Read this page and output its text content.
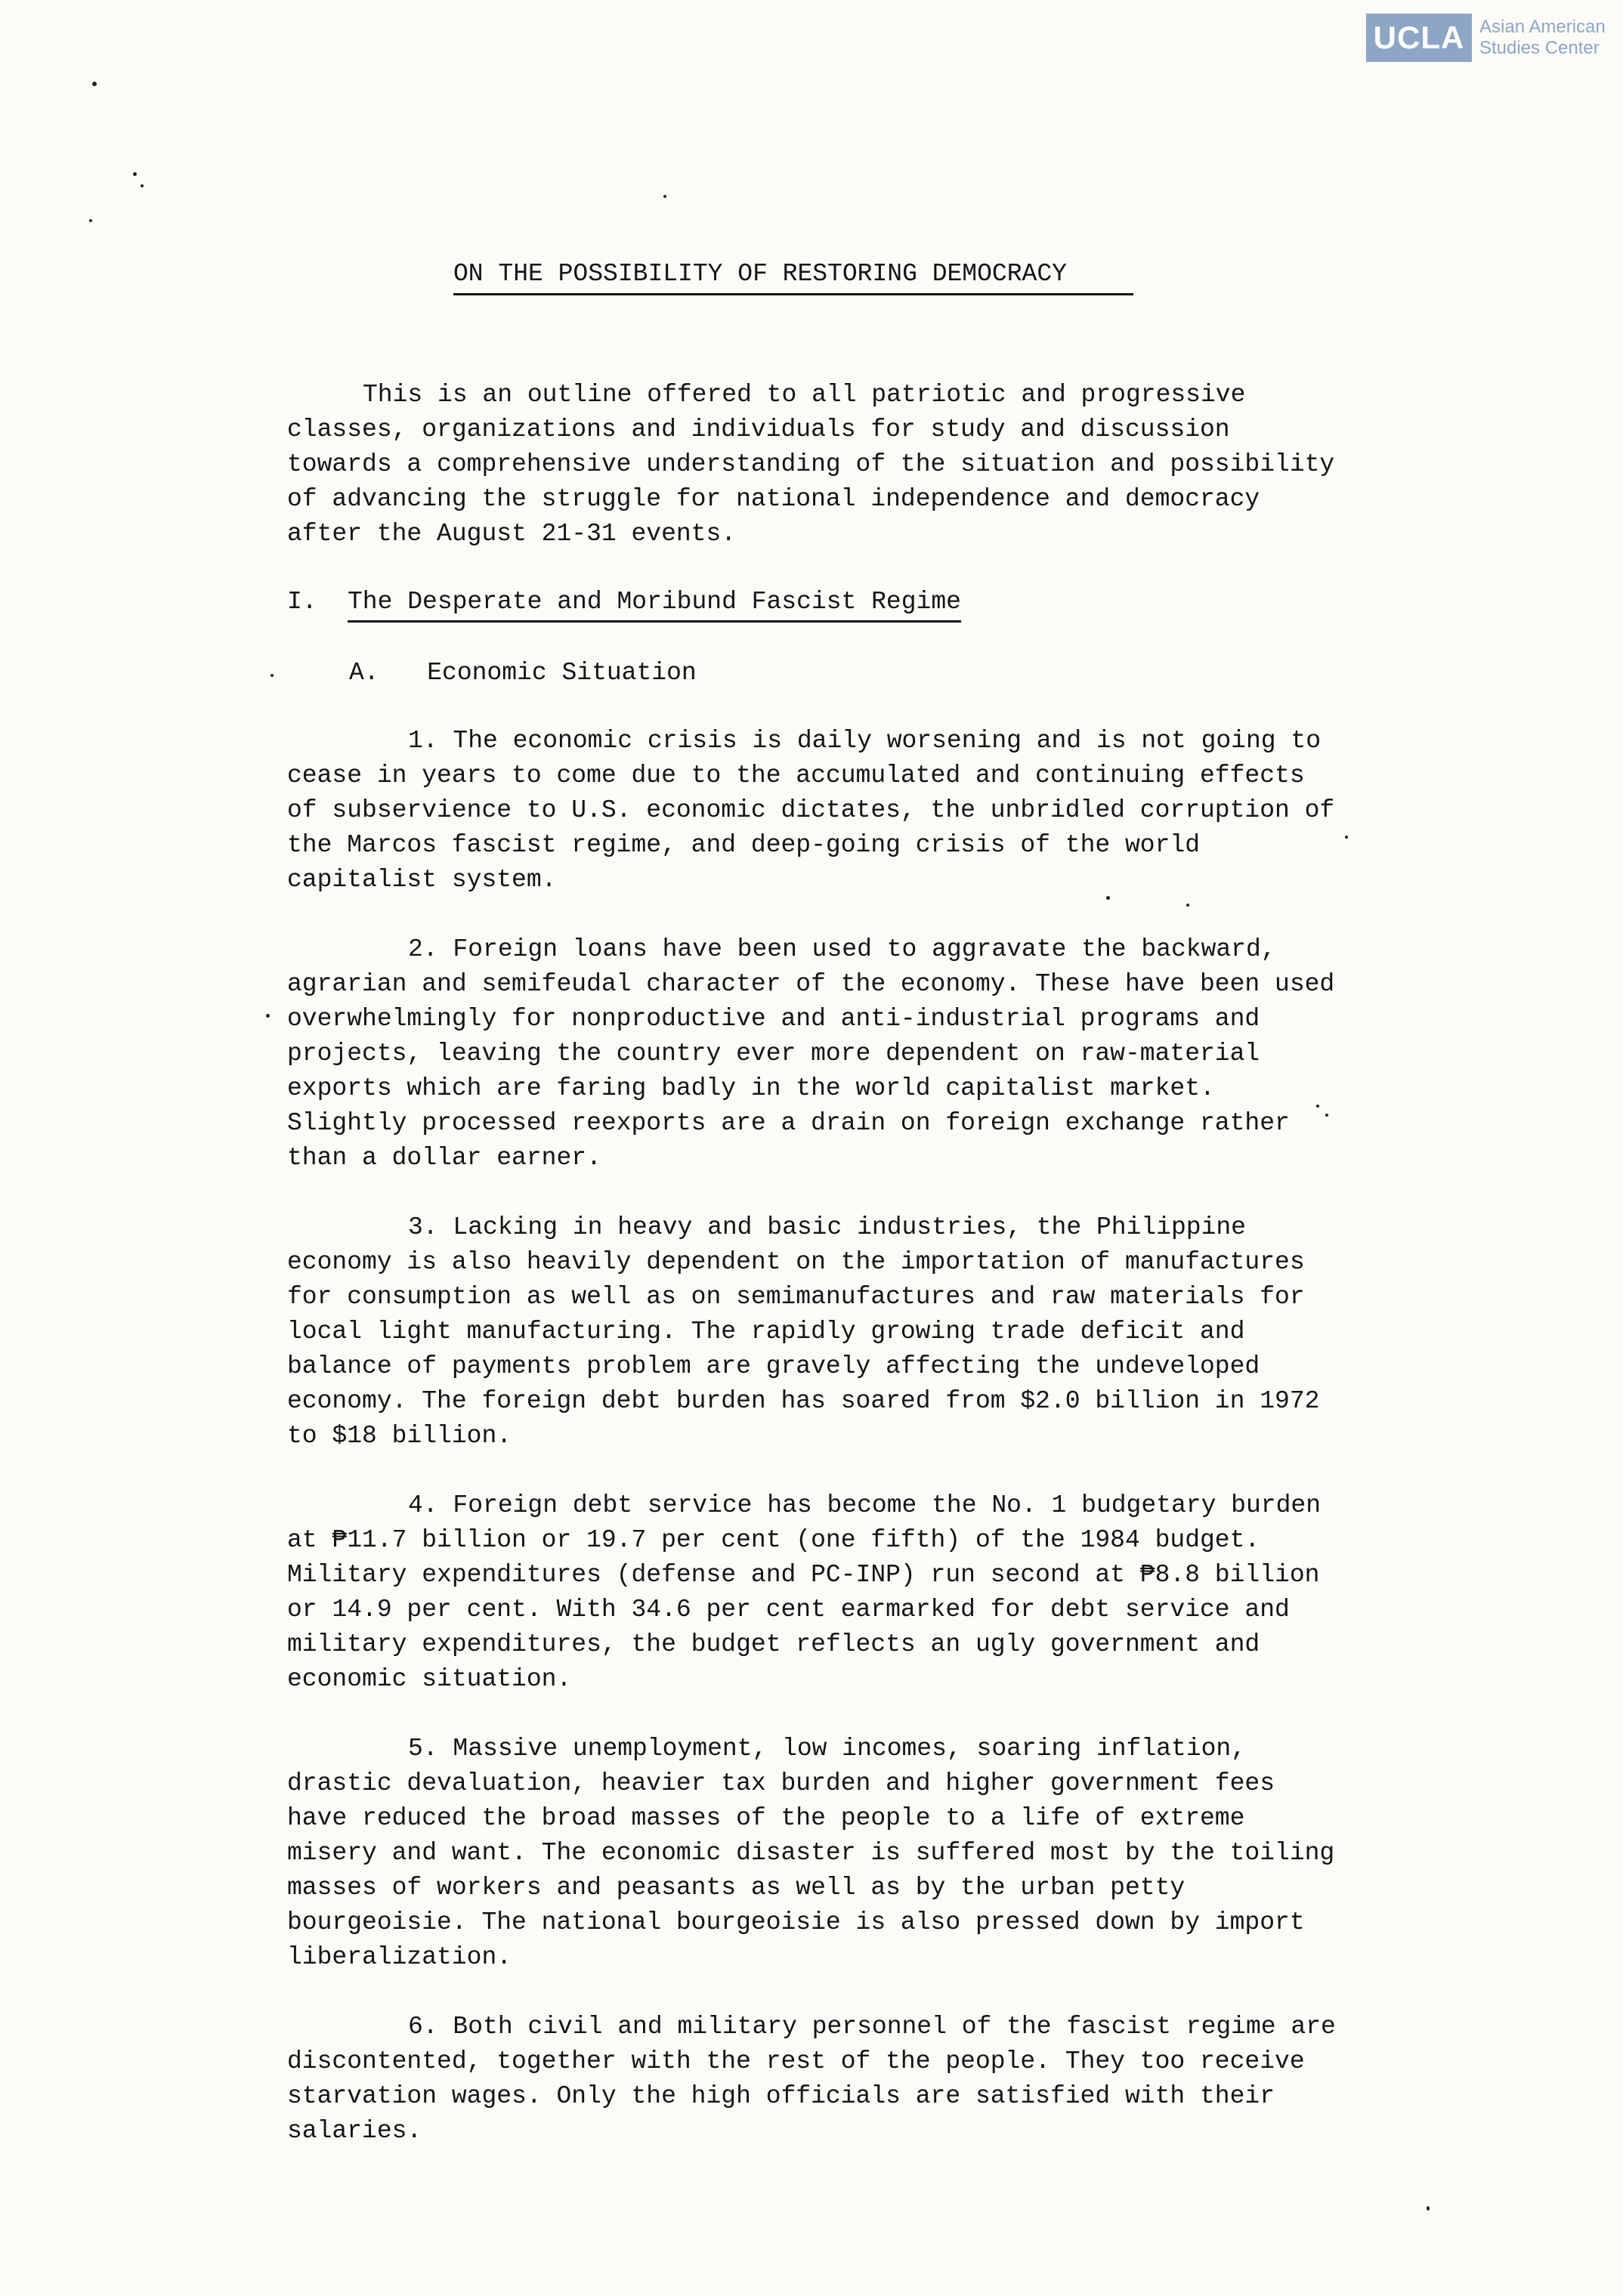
UCLA Asian American
Studies Center
ON THE POSSIBILITY OF RESTORING DEMOCRACY

This is an outline offered to all patriotic and progressive classes, organizations and individuals for study and discussion towards a comprehensive understanding of the situation and possibility of advancing the struggle for national independence and democracy after the August 21-31 events.

I.	The Desperate and Moribund Fascist Regime
A. Economic Situation

1. The economic crisis is daily worsening and is not going to cease in years to come due to the accumulated and continuing effects of subservience to U.S. economic dictates, the unbridled corruption of the Marcos fascist regime, and deep-going crisis of the world capitalist system.

2. Foreign loans have been used to aggravate the backward, agrarian and semifeudal character of the economy. These have been used overwhelmingly for nonproductive and anti-industrial programs and projects, leaving the country ever more dependent on raw-material exports which are faring badly in the world capitalist market. Slightly processed reexports are a drain on foreign exchange rather than a dollar earner.

3. Lacking in heavy and basic industries, the Philippine economy is also heavily dependent on the importation of manufactures for consumption as well as on semimanufactures and raw materials for local light manufacturing. The rapidly growing trade deficit and balance of payments problem are gravely affecting the undeveloped economy. The foreign debt burden has soared from $2.0 billion in 1972 to $18 billion.

4. Foreign debt service has become the No. 1 budgetary burden at ₱11.7 billion or 19.7 per cent (one fifth) of the 1984 budget. Military expenditures (defense and PC-INP) run second at ₱8.8 billion or 14.9 per cent. With 34.6 per cent earmarked for debt service and military expenditures, the budget reflects an ugly government and economic situation.

5. Massive unemployment, low incomes, soaring inflation, drastic devaluation, heavier tax burden and higher government fees have reduced the broad masses of the people to a life of extreme misery and want. The economic disaster is suffered most by the toiling masses of workers and peasants as well as by the urban petty bourgeoisie. The national bourgeoisie is also pressed down by import liberalization.

6. Both civil and military personnel of the fascist regime are discontented, together with the rest of the people. They too receive starvation wages. Only the high officials are satisfied with their salaries.
